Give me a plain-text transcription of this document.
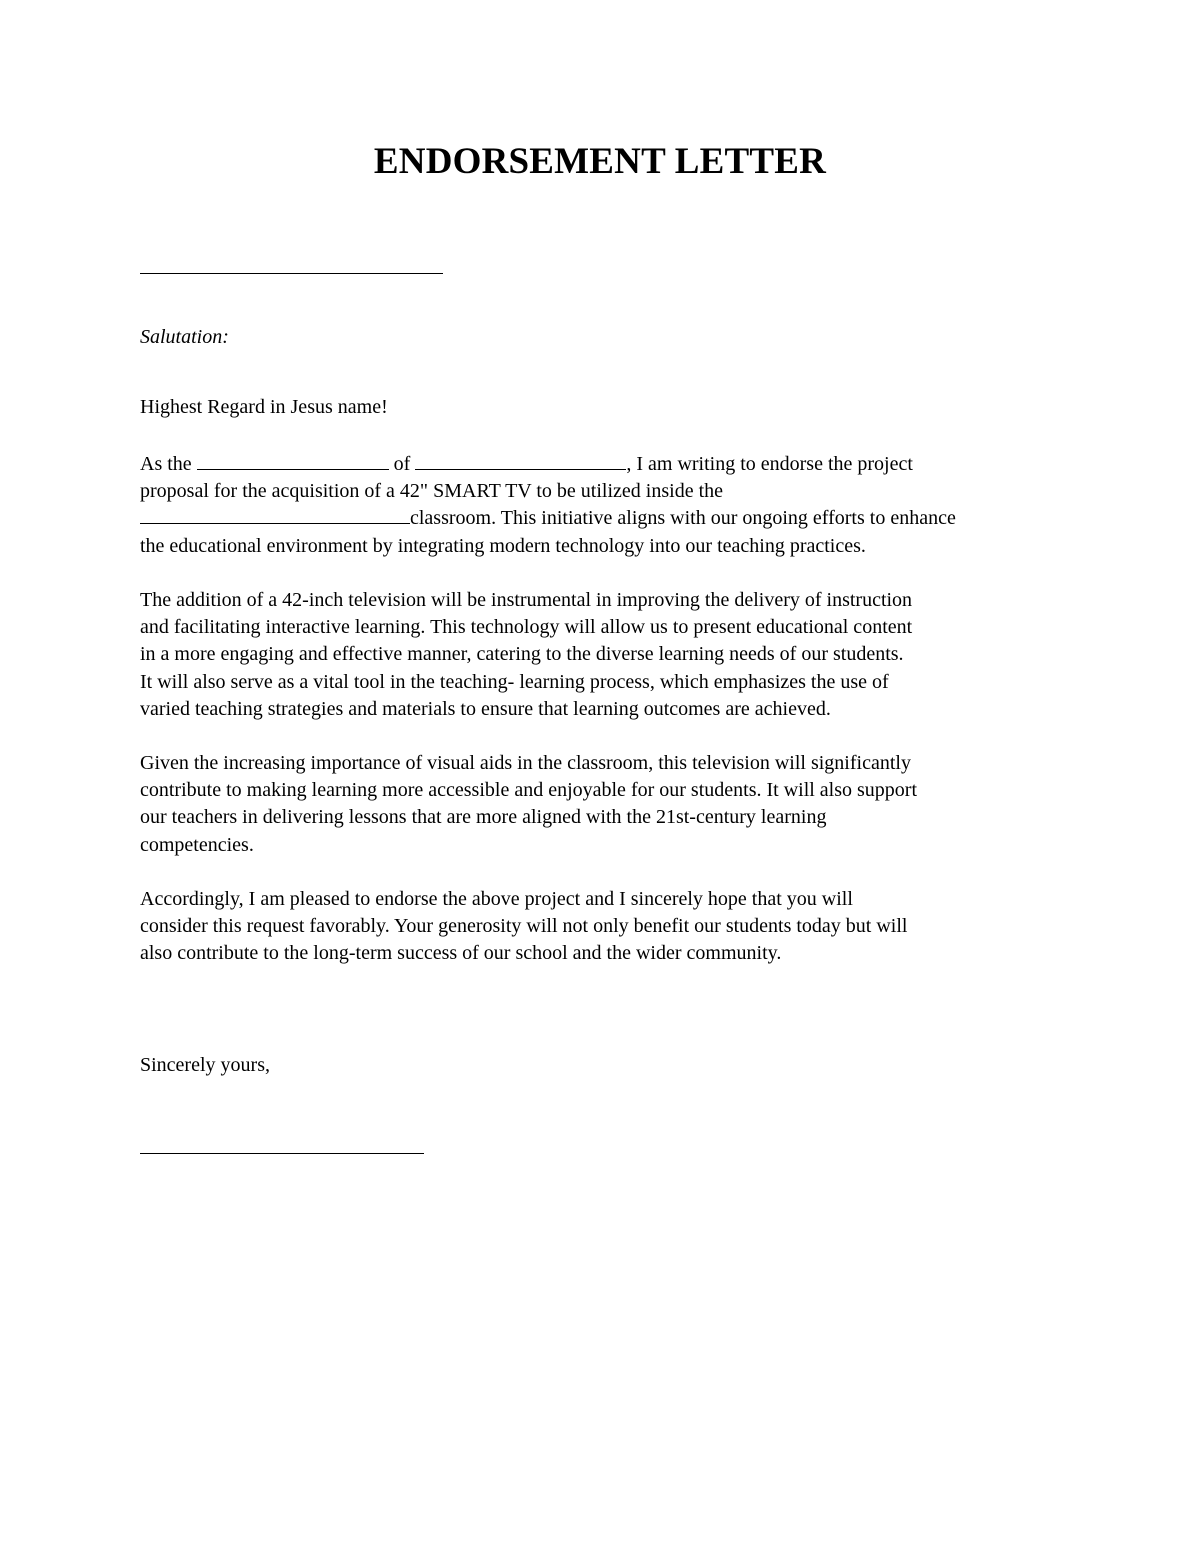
ENDORSEMENT LETTER
Salutation:
Highest Regard in Jesus name!
As the	of	, I am writing to endorse the project
proposal for the acquisition of a 42" SMART TV to be utilized inside the
classroom. This initiative aligns with our ongoing efforts to enhance
the educational environment by integrating modern technology into our teaching practices.
The addition of a 42-inch television will be instrumental in improving the delivery of instruction
and facilitating interactive learning. This technology will allow us to present educational content
in a more engaging and effective manner, catering to the diverse learning needs of our students.
It will also serve as a vital tool in the teaching- learning process, which emphasizes the use of
varied teaching strategies and materials to ensure that learning outcomes are achieved.
Given the increasing importance of visual aids in the classroom, this television will significantly
contribute to making learning more accessible and enjoyable for our students. It will also support
our teachers in delivering lessons that are more aligned with the 21st-century learning
competencies.
Accordingly, I am pleased to endorse the above project and I sincerely hope that you will
consider this request favorably. Your generosity will not only benefit our students today but will
also contribute to the long-term success of our school and the wider community.
Sincerely yours,
